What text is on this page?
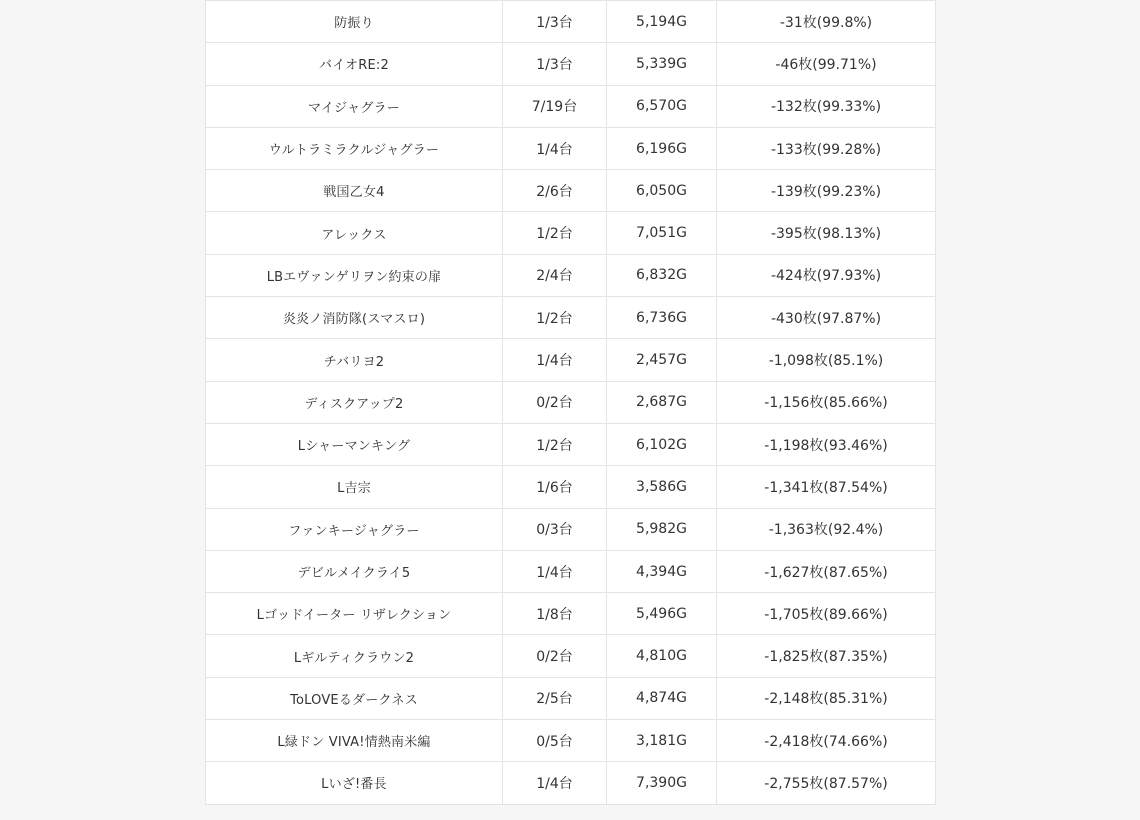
防振り	1/3台	5,194G	-31枚(99.8%)
バイオRE:2	1/3台	5,339G	-46枚(99.71%)
マイジャグラー	7/19台	6,570G	-132枚(99.33%)
ウルトラミラクルジャグラー	1/4台	6,196G	-133枚(99.28%)
戦国乙女4	2/6台	6,050G	-139枚(99.23%)
アレックス	1/2台	7,051G	-395枚(98.13%)
LBエヴァンゲリヲン約束の扉	2/4台	6,832G	-424枚(97.93%)
炎炎ノ消防隊(スマスロ)	1/2台	6,736G	-430枚(97.87%)
チバリヨ2	1/4台	2,457G	-1,098枚(85.1%)
ディスクアップ2	0/2台	2,687G	-1,156枚(85.66%)
Lシャーマンキング	1/2台	6,102G	-1,198枚(93.46%)
L吉宗	1/6台	3,586G	-1,341枚(87.54%)
ファンキージャグラー	0/3台	5,982G	-1,363枚(92.4%)
デビルメイクライ5	1/4台	4,394G	-1,627枚(87.65%)
Lゴッドイーター リザレクション	1/8台	5,496G	-1,705枚(89.66%)
Lギルティクラウン2	0/2台	4,810G	-1,825枚(87.35%)
ToLOVEるダークネス	2/5台	4,874G	-2,148枚(85.31%)
L緑ドン VIVA!情熱南米編	0/5台	3,181G	-2,418枚(74.66%)
Lいざ!番長	1/4台	7,390G	-2,755枚(87.57%)
